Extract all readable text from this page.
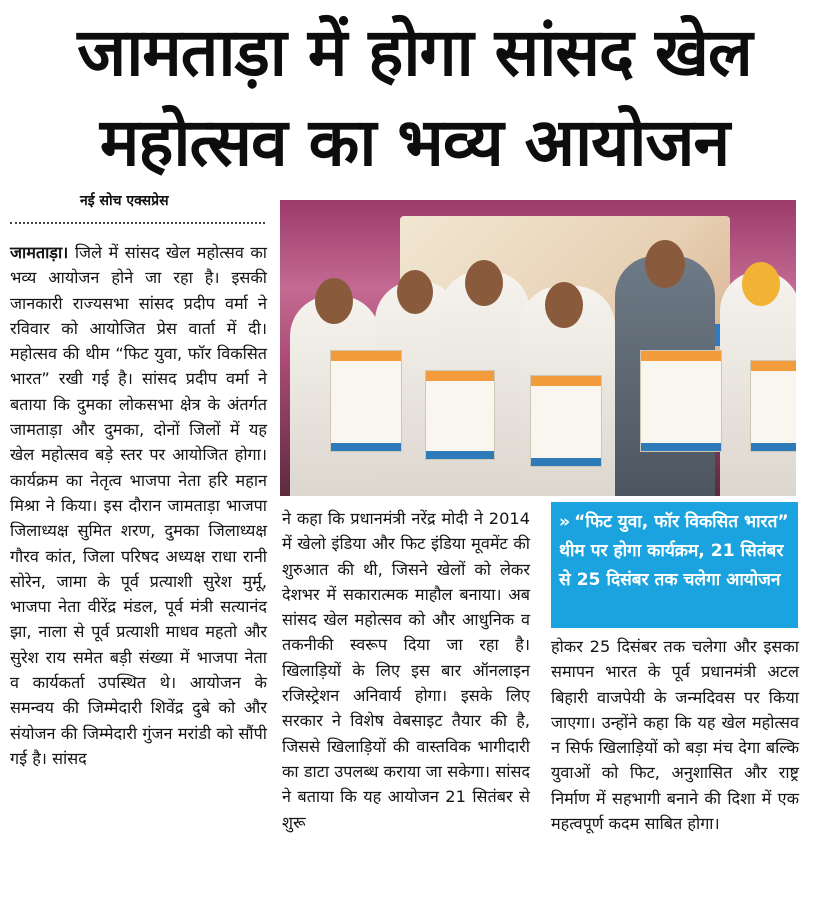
जामताड़ा में होगा सांसद खेल
महोत्सव का भव्य आयोजन
नई सोच एक्सप्रेस
जामताड़ा। जिले में सांसद खेल महोत्सव का भव्य आयोजन होने जा रहा है। इसकी जानकारी राज्यसभा सांसद प्रदीप वर्मा ने रविवार को आयोजित प्रेस वार्ता में दी। महोत्सव की थीम “फिट युवा, फॉर विकसित भारत” रखी गई है। सांसद प्रदीप वर्मा ने बताया कि दुमका लोकसभा क्षेत्र के अंतर्गत जामताड़ा और दुमका, दोनों जिलों में यह खेल महोत्सव बड़े स्तर पर आयोजित होगा। कार्यक्रम का नेतृत्व भाजपा नेता हरि महान मिश्रा ने किया। इस दौरान जामताड़ा भाजपा जिलाध्यक्ष सुमित शरण, दुमका जिलाध्यक्ष गौरव कांत, जिला परिषद अध्यक्ष राधा रानी सोरेन, जामा के पूर्व प्रत्याशी सुरेश मुर्मू, भाजपा नेता वीरेंद्र मंडल, पूर्व मंत्री सत्यानंद झा, नाला से पूर्व प्रत्याशी माधव महतो और सुरेश राय समेत बड़ी संख्या में भाजपा नेता व कार्यकर्ता उपस्थित थे। आयोजन के समन्वय की जिम्मेदारी शिवेंद्र दुबे को और संयोजन की जिम्मेदारी गुंजन मरांडी को सौंपी गई है। सांसद
» “फिट युवा, फॉर विकसित भारत” थीम पर होगा कार्यक्रम, 21 सितंबर से 25 दिसंबर तक चलेगा आयोजन
ने कहा कि प्रधानमंत्री नरेंद्र मोदी ने 2014 में खेलो इंडिया और फिट इंडिया मूवमेंट की शुरुआत की थी, जिसने खेलों को लेकर देशभर में सकारात्मक माहौल बनाया। अब सांसद खेल महोत्सव को और आधुनिक व तकनीकी स्वरूप दिया जा रहा है। खिलाड़ियों के लिए इस बार ऑनलाइन रजिस्ट्रेशन अनिवार्य होगा। इसके लिए सरकार ने विशेष वेबसाइट तैयार की है, जिससे खिलाड़ियों की वास्तविक भागीदारी का डाटा उपलब्ध कराया जा सकेगा। सांसद ने बताया कि यह आयोजन 21 सितंबर से शुरू
होकर 25 दिसंबर तक चलेगा और इसका समापन भारत के पूर्व प्रधानमंत्री अटल बिहारी वाजपेयी के जन्मदिवस पर किया जाएगा। उन्होंने कहा कि यह खेल महोत्सव न सिर्फ खिलाड़ियों को बड़ा मंच देगा बल्कि युवाओं को फिट, अनुशासित और राष्ट्र निर्माण में सहभागी बनाने की दिशा में एक महत्वपूर्ण कदम साबित होगा।
